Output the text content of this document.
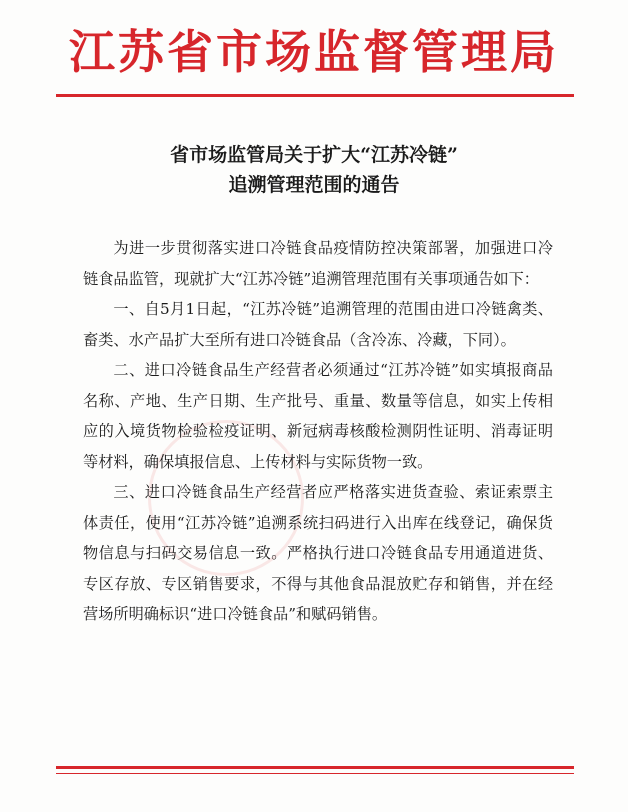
江苏省市场监督管理局
省市场监管局关于扩大“江苏冷链”
追溯管理范围的通告

为进一步贯彻落实进口冷链食品疫情防控决策部署，加强进口冷链食品监管，现就扩大“江苏冷链”追溯管理范围有关事项通告如下：

一、自5月1日起，“江苏冷链”追溯管理的范围由进口冷链禽类、畜类、水产品扩大至所有进口冷链食品（含冷冻、冷藏，下同）。

二、进口冷链食品生产经营者必须通过“江苏冷链”如实填报商品名称、产地、生产日期、生产批号、重量、数量等信息，如实上传相应的入境货物检验检疫证明、新冠病毒核酸检测阴性证明、消毒证明等材料，确保填报信息、上传材料与实际货物一致。

三、进口冷链食品生产经营者应严格落实进货查验、索证索票主体责任，使用“江苏冷链”追溯系统扫码进行入出库在线登记，确保货物信息与扫码交易信息一致。严格执行进口冷链食品专用通道进货、专区存放、专区销售要求，不得与其他食品混放贮存和销售，并在经营场所明确标识“进口冷链食品”和赋码销售。
